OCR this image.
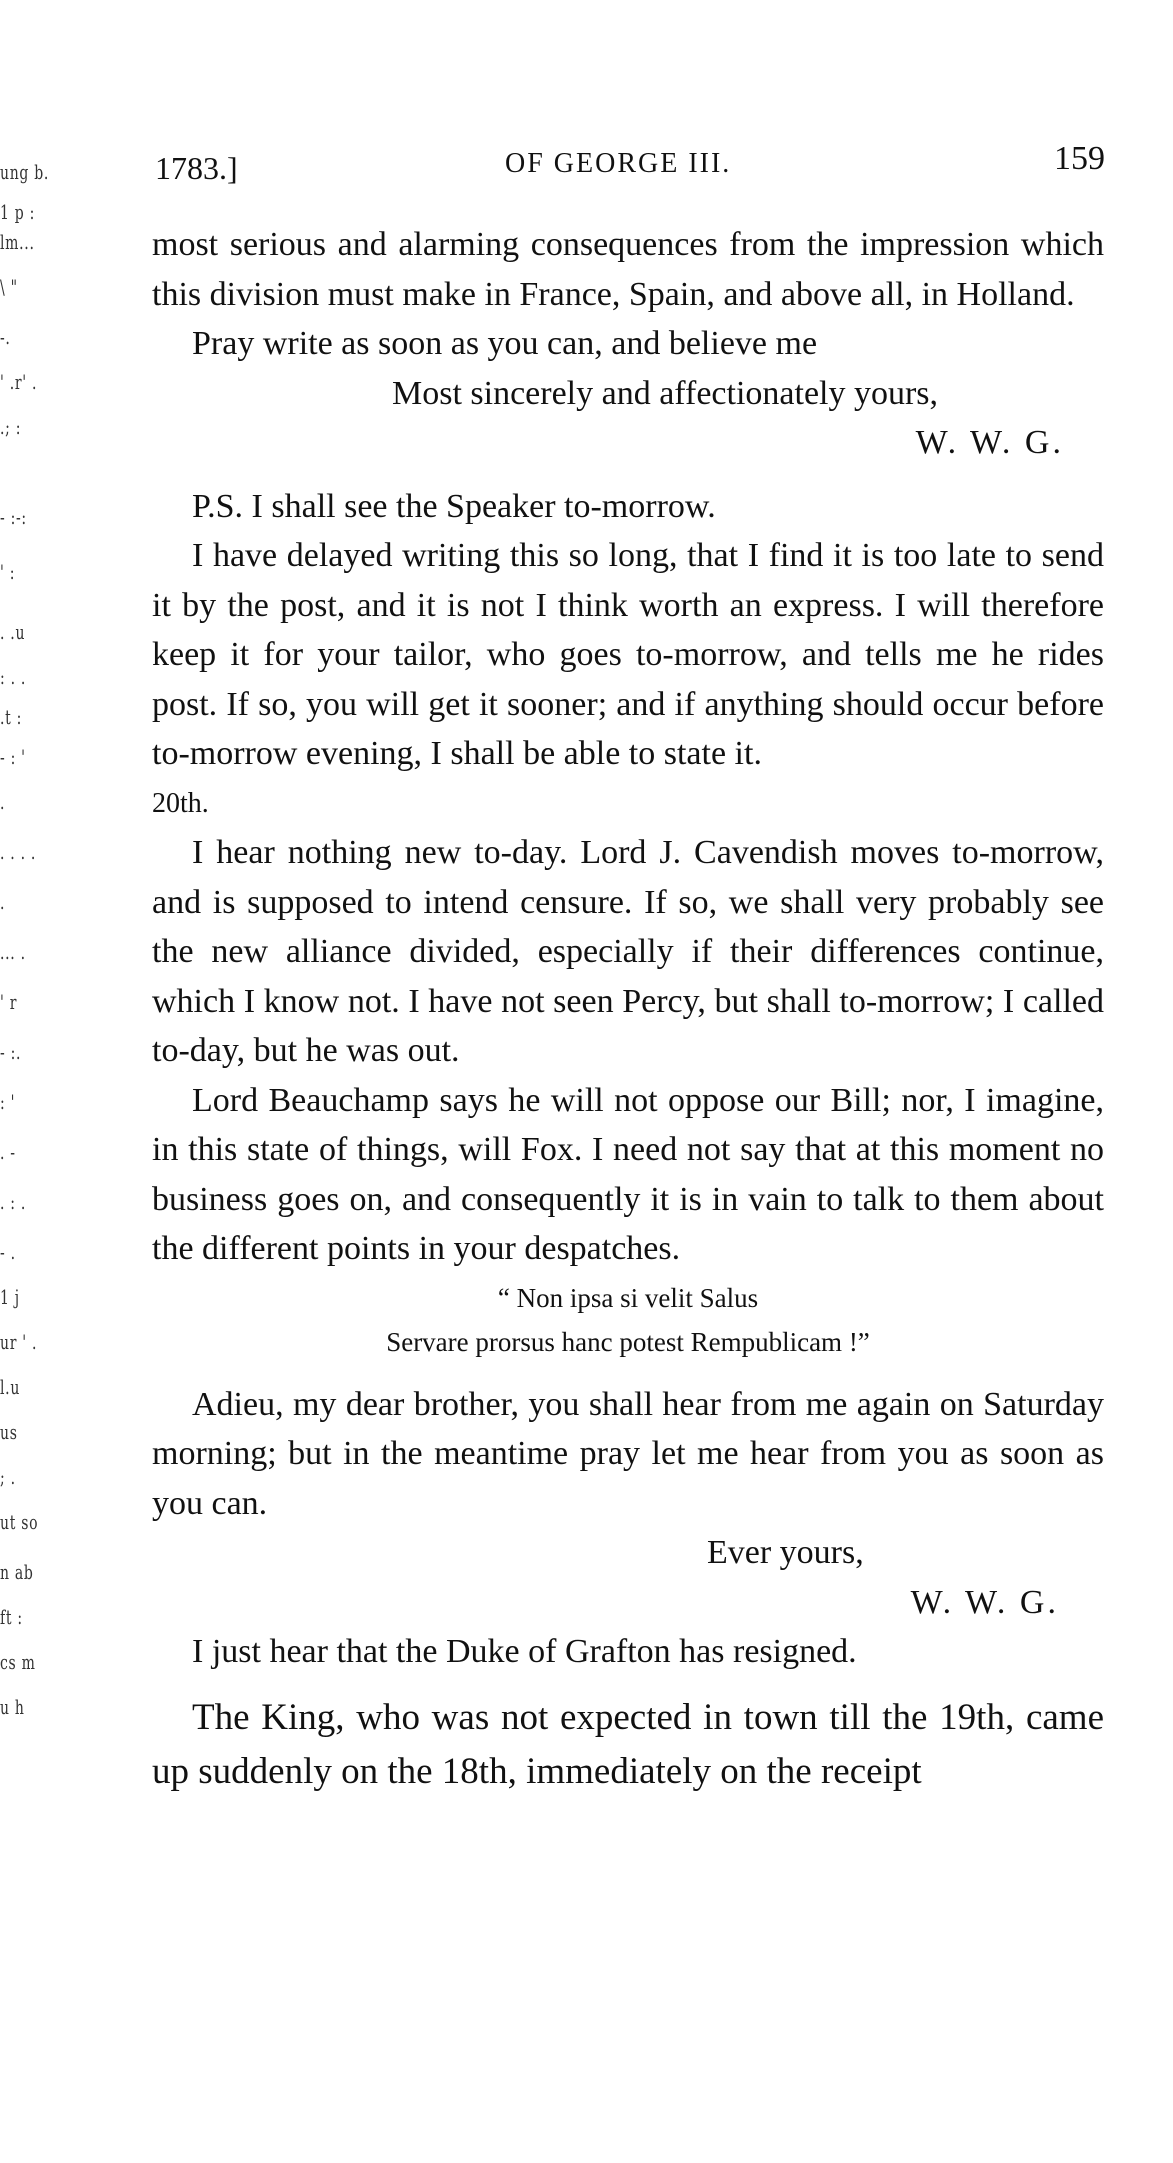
ung b.
1 p :
lm...
\ "
-.
' .r' .
.; :
- :-:
' :
. .u
: . .
.t :
- : '
.
. . . .
.
... .
' r
- :.
: '
. -
. : .
- .
1 j
ur ' .
l.u
us
; .
ut so
n ab
ft :
cs m
u h
1783.]	OF GEORGE III.	159

most serious and alarming consequences from the impression which this division must make in France, Spain, and above all, in Holland.

Pray write as soon as you can, and believe me

Most sincerely and affectionately yours,

W. W. G.

P.S. I shall see the Speaker to-morrow.

I have delayed writing this so long, that I find it is too late to send it by the post, and it is not I think worth an express. I will therefore keep it for your tailor, who goes to-morrow, and tells me he rides post. If so, you will get it sooner; and if anything should occur before to-morrow evening, I shall be able to state it.

20th.

I hear nothing new to-day. Lord J. Cavendish moves to-morrow, and is supposed to intend censure. If so, we shall very probably see the new alliance divided, especially if their differences continue, which I know not. I have not seen Percy, but shall to-morrow; I called to-day, but he was out.

Lord Beauchamp says he will not oppose our Bill; nor, I imagine, in this state of things, will Fox. I need not say that at this moment no business goes on, and consequently it is in vain to talk to them about the different points in your despatches.

“ Non ipsa si velit Salus

Servare prorsus hanc potest Rempublicam !”

Adieu, my dear brother, you shall hear from me again on Saturday morning; but in the meantime pray let me hear from you as soon as you can.

Ever yours,

W. W. G.

I just hear that the Duke of Grafton has resigned.

The King, who was not expected in town till the 19th, came up suddenly on the 18th, immediately on the receipt
